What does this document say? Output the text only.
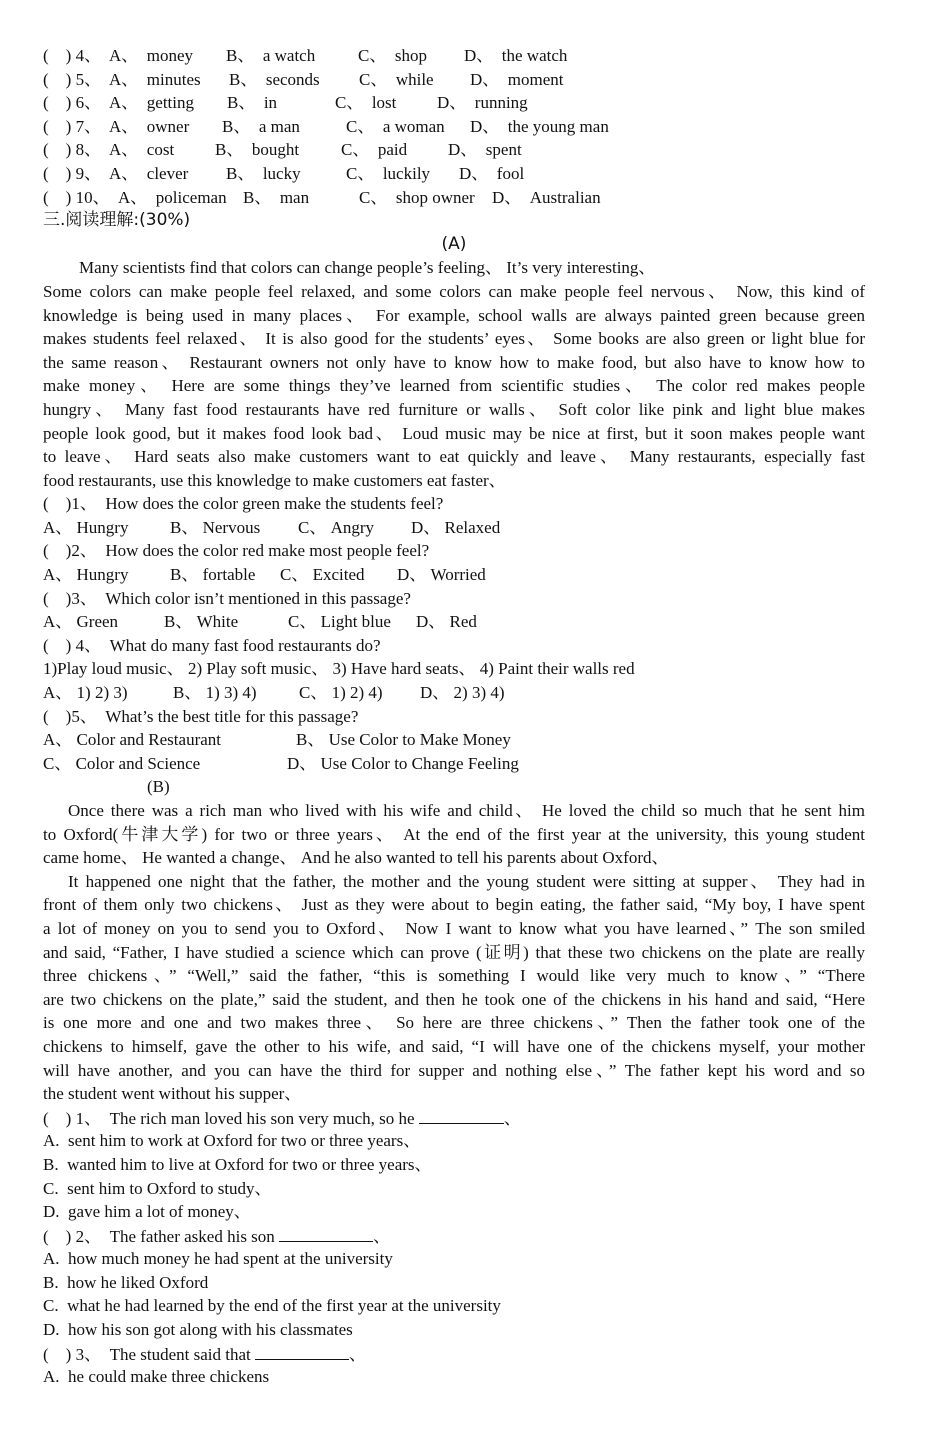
(    ) 4、 A、  money B、  a watch	C、  shop D、  the watch
(    ) 5、 A、  minutes B、  seconds C、  while D、  moment
(    ) 6、 A、  getting B、  in	C、  lost D、  running
(    ) 7、 A、  owner B、  a man	C、  a woman D、  the young man
(    ) 8、 A、  cost B、  bought C、  paid D、  spent
(    ) 9、 A、  clever B、  lucky	C、  luckily D、  fool
(    ) 10、 A、  policeman B、  man	C、  shop owner D、  Australian
三.阅读理解:(30%)
(A)
Many scientists find that colors can change people’s feeling、 It’s very interesting、
Some colors can make people feel relaxed, and some colors can make people feel nervous、 Now, this kind of
knowledge is being used in many places、 For example, school walls are always painted green because green
makes students feel relaxed、 It is also good for the students’ eyes、 Some books are also green or light blue for
the same reason、 Restaurant owners not only have to know how to make food, but also have to know how to
make money、 Here are some things they’ve learned from scientific studies、 The color red makes people
hungry、 Many fast food restaurants have red furniture or walls、 Soft color like pink and light blue makes
people look good, but it makes food look bad、 Loud music may be nice at first, but it soon makes people want
to leave、 Hard seats also make customers want to eat quickly and leave、 Many restaurants, especially fast
food restaurants, use this knowledge to make customers eat faster、
(    )1、  How does the color green make the students feel?
A、 Hungry B、 Nervous C、 Angry D、 Relaxed
(    )2、  How does the color red make most people feel?
A、 Hungry B、 fortable C、 Excited D、 Worried
(    )3、  Which color isn’t mentioned in this passage?
A、 Green	B、 White	C、 Light blue D、 Red
(    ) 4、  What do many fast food restaurants do?
1)Play loud music、 2) Play soft music、 3) Have hard seats、 4) Paint their walls red
A、 1) 2) 3)	B、 1) 3) 4) C、 1) 2) 4) D、 2) 3) 4)
(    )5、  What’s the best title for this passage?
A、 Color and Restaurant	B、 Use Color to Make Money
C、 Color and Science	D、 Use Color to Change Feeling
(B)
Once there was a rich man who lived with his wife and child、 He loved the child so much that he sent him
to Oxford(牛津大学) for two or three years、 At the end of the first year at the university, this young student
came home、 He wanted a change、 And he also wanted to tell his parents about Oxford、
It happened one night that the father, the mother and the young student were sitting at supper、 They had in
front of them only two chickens、 Just as they were about to begin eating, the father said, “My boy, I have spent
a lot of money on you to send you to Oxford、 Now I want to know what you have learned、” The son smiled
and said, “Father, I have studied a science which can prove (证明) that these two chickens on the plate are really
three chickens、” “Well,” said the father, “this is something I would like very much to know、” “There
are two chickens on the plate,” said the student, and then he took one of the chickens in his hand and said, “Here
is one more and one and two makes three、 So here are three chickens、” Then the father took one of the
chickens to himself, gave the other to his wife, and said, “I will have one of the chickens myself, your mother
will have another, and you can have the third for supper and nothing else、” The father kept his word and so
the student went without his supper、
(    ) 1、  The rich man loved his son very much, so he	、
A.  sent him to work at Oxford for two or three years、
B.  wanted him to live at Oxford for two or three years、
C.  sent him to Oxford to study、
D.  gave him a lot of money、
(    ) 2、  The father asked his son	、
A.  how much money he had spent at the university
B.  how he liked Oxford
C.  what he had learned by the end of the first year at the university
D.  how his son got along with his classmates
(    ) 3、  The student said that	、
A.  he could make three chickens
